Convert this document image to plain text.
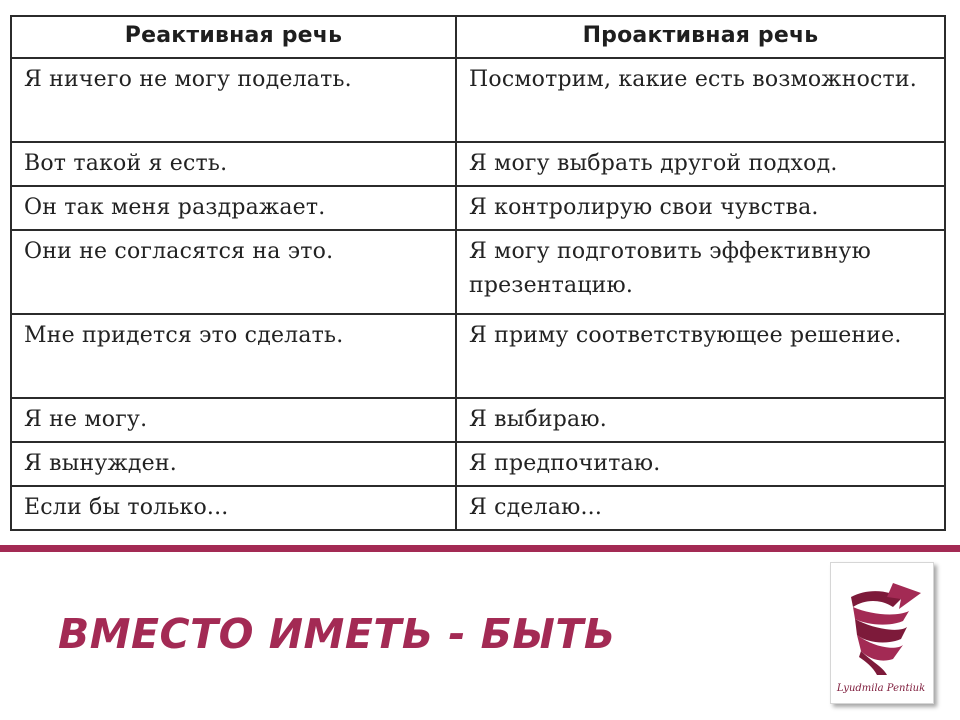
Реактивная речь	Проактивная речь
Я ничего не могу поделать.	Посмотрим, какие есть возможности.
Вот такой я есть.	Я могу выбрать другой подход.
Он так меня раздражает.	Я контролирую свои чувства.
Они не согласятся на это.	Я могу подготовить эффективную презентацию.
Мне придется это сделать.	Я приму соответствующее решение.
Я не могу.	Я выбираю.
Я вынужден.	Я предпочитаю.
Если бы только...	Я сделаю...
ВМЕСТО ИМЕТЬ - БЫТЬ
Lyudmila Pentiuk
